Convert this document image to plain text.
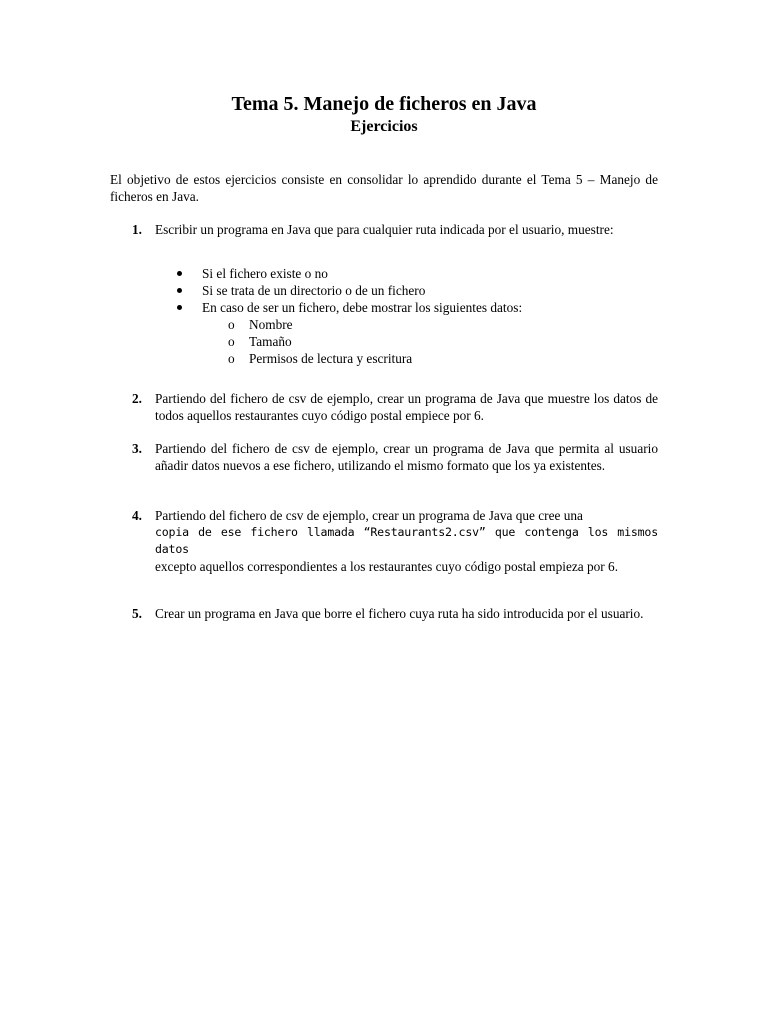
Tema 5. Manejo de ficheros en Java
Ejercicios
El objetivo de estos ejercicios consiste en consolidar lo aprendido durante el Tema 5 – Manejo de ficheros en Java.
1. Escribir un programa en Java que para cualquier ruta indicada por el usuario, muestre:
Si el fichero existe o no
Si se trata de un directorio o de un fichero
En caso de ser un fichero, debe mostrar los siguientes datos:
o Nombre
o Tamaño
o Permisos de lectura y escritura
2. Partiendo del fichero de csv de ejemplo, crear un programa de Java que muestre los datos de todos aquellos restaurantes cuyo código postal empiece por 6.
3. Partiendo del fichero de csv de ejemplo, crear un programa de Java que permita al usuario añadir datos nuevos a ese fichero, utilizando el mismo formato que los ya existentes.
4. Partiendo del fichero de csv de ejemplo, crear un programa de Java que cree una
copia de ese fichero llamada “Restaurants2.csv” que contenga los mismos datos
excepto aquellos correspondientes a los restaurantes cuyo código postal empieza por 6.
5. Crear un programa en Java que borre el fichero cuya ruta ha sido introducida por el usuario.
